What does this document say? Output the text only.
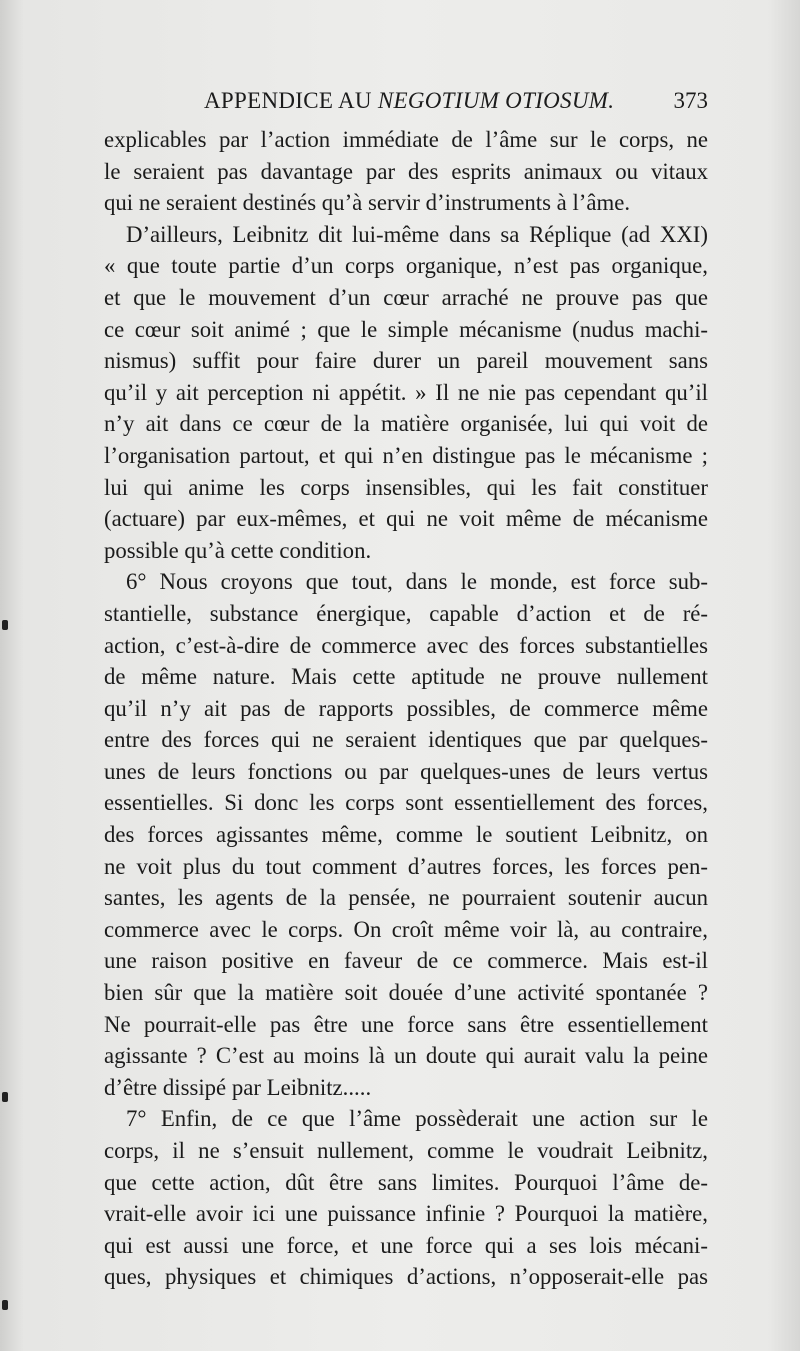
APPENDICE AU NEGOTIUM OTIOSUM.	373
explicables par l’action immédiate de l’âme sur le corps, ne
le seraient pas davantage par des esprits animaux ou vitaux
qui ne seraient destinés qu’à servir d’instruments à l’âme.
D’ailleurs, Leibnitz dit lui-même dans sa Réplique (ad XXI)
« que toute partie d’un corps organique, n’est pas organique,
et que le mouvement d’un cœur arraché ne prouve pas que
ce cœur soit animé ; que le simple mécanisme (nudus machi-
nismus) suffit pour faire durer un pareil mouvement sans
qu’il y ait perception ni appétit. » Il ne nie pas cependant qu’il
n’y ait dans ce cœur de la matière organisée, lui qui voit de
l’organisation partout, et qui n’en distingue pas le mécanisme ;
lui qui anime les corps insensibles, qui les fait constituer
(actuare) par eux-mêmes, et qui ne voit même de mécanisme
possible qu’à cette condition.
6° Nous croyons que tout, dans le monde, est force sub-
stantielle, substance énergique, capable d’action et de ré-
action, c’est-à-dire de commerce avec des forces substantielles
de même nature. Mais cette aptitude ne prouve nullement
qu’il n’y ait pas de rapports possibles, de commerce même
entre des forces qui ne seraient identiques que par quelques-
unes de leurs fonctions ou par quelques-unes de leurs vertus
essentielles. Si donc les corps sont essentiellement des forces,
des forces agissantes même, comme le soutient Leibnitz, on
ne voit plus du tout comment d’autres forces, les forces pen-
santes, les agents de la pensée, ne pourraient soutenir aucun
commerce avec le corps. On croît même voir là, au contraire,
une raison positive en faveur de ce commerce. Mais est-il
bien sûr que la matière soit douée d’une activité spontanée ?
Ne pourrait-elle pas être une force sans être essentiellement
agissante ? C’est au moins là un doute qui aurait valu la peine
d’être dissipé par Leibnitz.....
7° Enfin, de ce que l’âme possèderait une action sur le
corps, il ne s’ensuit nullement, comme le voudrait Leibnitz,
que cette action, dût être sans limites. Pourquoi l’âme de-
vrait-elle avoir ici une puissance infinie ? Pourquoi la matière,
qui est aussi une force, et une force qui a ses lois mécani-
ques, physiques et chimiques d’actions, n’opposerait-elle pas
